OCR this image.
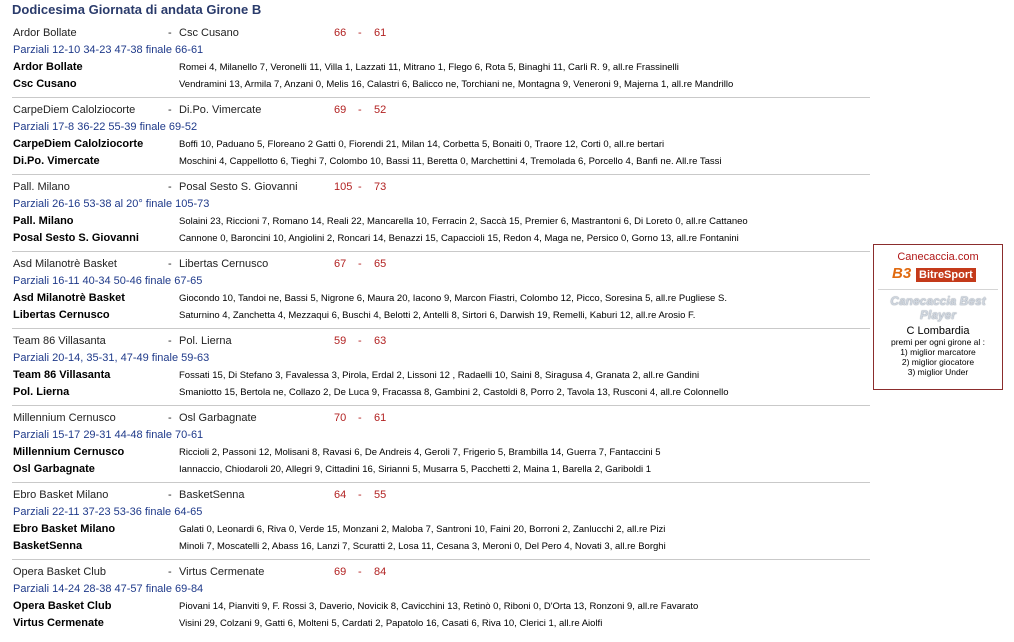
Dodicesima Giornata di andata Girone B
Ardor Bollate	- Csc Cusano	66 - 61
Parziali 12-10 34-23 47-38 finale 66-61
Ardor Bollate	Romei 4, Milanello 7, Veronelli 11, Villa 1, Lazzati 11, Mitrano 1, Flego 6, Rota 5, Binaghi 11, Carli R. 9, all.re Frassinelli
Csc Cusano	Vendramini 13, Armila 7, Anzani 0, Melis 16, Calastri 6, Balicco ne, Torchiani ne, Montagna 9, Veneroni 9, Majerna 1, all.re Mandrillo
CarpeDiem Calolziocorte	- Di.Po. Vimercate	69 - 52
Parziali 17-8 36-22 55-39 finale 69-52
CarpeDiem Calolziocorte	Boffi 10, Paduano 5, Floreano 2 Gatti 0, Fiorendi 21, Milan 14, Corbetta 5, Bonaiti 0, Traore 12, Corti 0, all.re bertari
Di.Po. Vimercate	Moschini 4, Cappellotto 6, Tieghi 7, Colombo 10, Bassi 11, Beretta 0, Marchettini 4, Tremolada 6, Porcello 4, Banfi ne. All.re Tassi
Pall. Milano	- Posal Sesto S. Giovanni	105 - 73
Parziali 26-16 53-38 al 20° finale 105-73
Pall. Milano	Solaini 23, Riccioni 7, Romano 14, Reali 22, Mancarella 10, Ferracin 2, Saccà 15, Premier 6, Mastrantoni 6, Di Loreto 0, all.re Cattaneo
Posal Sesto S. Giovanni	Cannone 0, Baroncini 10, Angiolini 2, Roncari 14, Benazzi 15, Capaccioli 15, Redon 4, Maga ne, Persico 0, Gorno 13, all.re Fontanini
Asd Milanotrè Basket	- Libertas Cernusco	67 - 65
Parziali 16-11 40-34 50-46 finale 67-65
Asd Milanotrè Basket	Giocondo 10, Tandoi ne, Bassi 5, Nigrone 6, Maura 20, Iacono 9, Marcon Fiastri, Colombo 12, Picco, Soresina 5, all.re Pugliese S.
Libertas Cernusco	Saturnino 4, Zanchetta 4, Mezzaqui 6, Buschi 4, Belotti 2, Antelli 8, Sirtori 6, Darwish 19, Remelli, Kaburi 12, all.re Arosio F.
Team 86 Villasanta	- Pol. Lierna	59 - 63
Parziali 20-14, 35-31, 47-49 finale 59-63
Team 86 Villasanta	Fossati 15, Di Stefano 3, Favalessa 3, Pirola, Erdal 2, Lissoni 12 , Radaelli 10, Saini 8, Siragusa 4, Granata 2, all.re Gandini
Pol. Lierna	Smaniotto 15, Bertola ne, Collazo 2, De Luca 9, Fracassa 8, Gambini 2, Castoldi 8, Porro 2, Tavola 13, Rusconi 4, all.re Colonnello
Millennium Cernusco	- Osl Garbagnate	70 - 61
Parziali 15-17 29-31 44-48 finale 70-61
Millennium Cernusco	Riccioli 2, Passoni 12, Molisani 8, Ravasi 6, De Andreis 4, Geroli 7, Frigerio 5, Brambilla 14, Guerra 7, Fantaccini 5
Osl Garbagnate	Iannaccio, Chiodaroli 20, Allegri 9, Cittadini 16, Sirianni 5, Musarra 5, Pacchetti 2, Maina 1, Barella 2, Gariboldi 1
Ebro Basket Milano	- BasketSenna	64 - 55
Parziali 22-11 37-23 53-36 finale 64-65
Ebro Basket Milano	Galati 0, Leonardi 6, Riva 0, Verde 15, Monzani 2, Maloba 7, Santroni 10, Faini 20, Borroni 2, Zanlucchi 2, all.re Pizi
BasketSenna	Minoli 7, Moscatelli 2, Abass 16, Lanzi 7, Scuratti 2, Losa 11, Cesana 3, Meroni 0, Del Pero 4, Novati 3, all.re Borghi
Opera Basket Club	- Virtus Cermenate	69 - 84
Parziali 14-24 28-38 47-57 finale 69-84
Opera Basket Club	Piovani 14, Pianviti 9, F. Rossi 3, Daverio, Novicik 8, Cavicchini 13, Retinò 0, Riboni 0, D'Orta 13, Ronzoni 9, all.re Favarato
Virtus Cermenate	Visini 29, Colzani 9, Gatti 6, Molteni 5, Cardati 2, Papatolo 16, Casati 6, Riva 10, Clerici 1, all.re Aiolfi
Canecaccia.com
B3 BitreSport
Canecaccia Best Player
C Lombardia
premi per ogni girone al :
1) miglior marcatore
2) miglior giocatore
3) miglior Under
